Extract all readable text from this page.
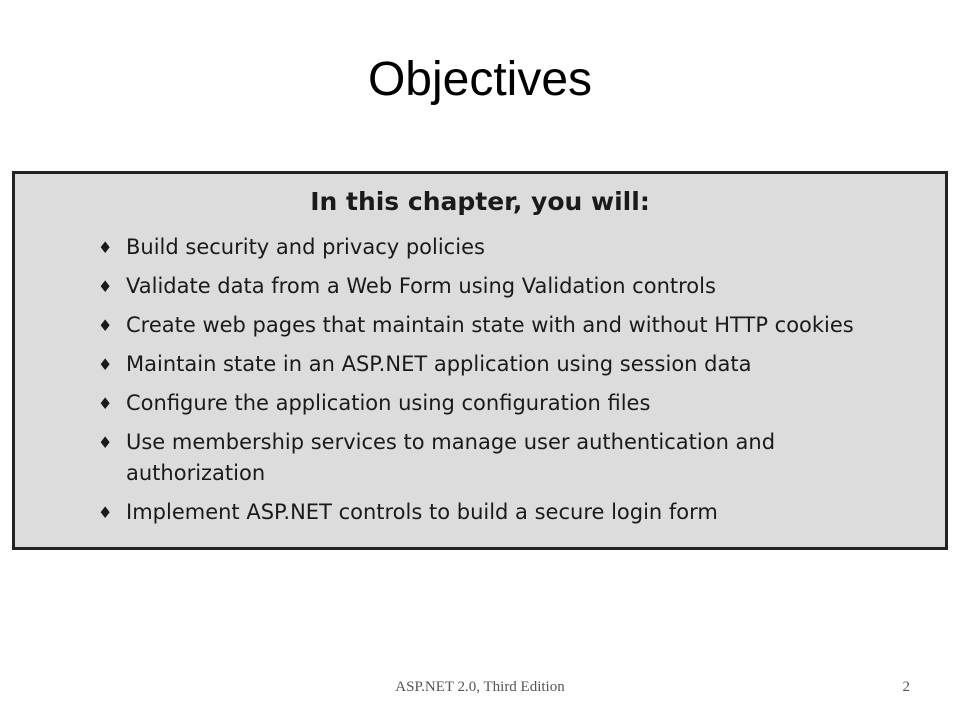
Objectives
In this chapter, you will:
♦ Build security and privacy policies
♦ Validate data from a Web Form using Validation controls
♦ Create web pages that maintain state with and without HTTP cookies
♦ Maintain state in an ASP.NET application using session data
♦ Configure the application using configuration files
♦ Use membership services to manage user authentication and authorization
♦ Implement ASP.NET controls to build a secure login form
ASP.NET 2.0, Third Edition	2
